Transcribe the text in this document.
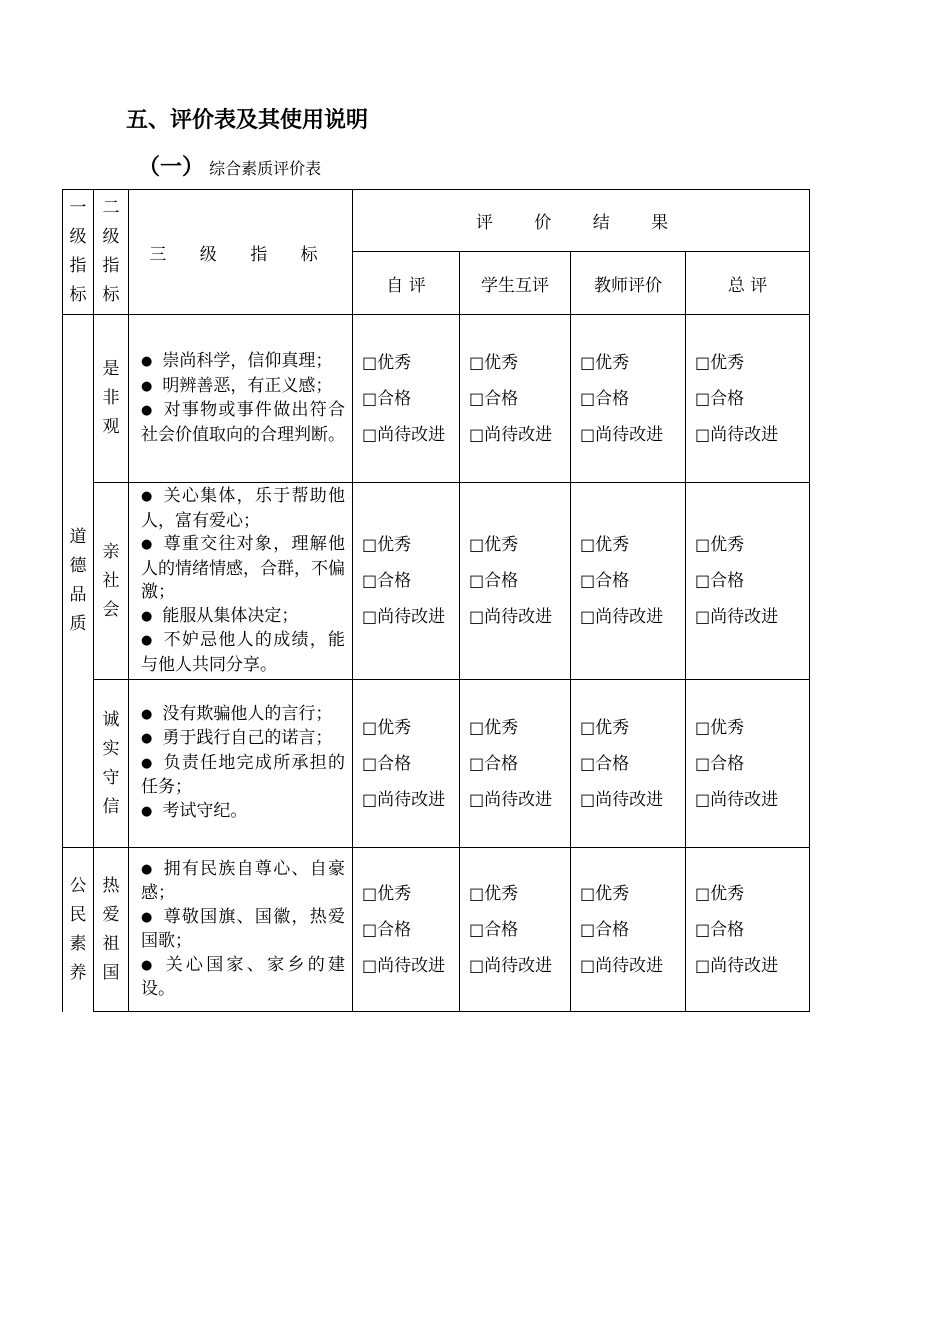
五、评价表及其使用说明
（一） 综合素质评价表
一
级
指
标	二
级
指
标	三 级 指 标	评 价 结 果			
			自 评	学生互评	教师评价	总 评

道
德
品
质	是
非
观	● 崇尚科学，信仰真理；
● 明辨善恶，有正义感；
● 对事物或事件做出符合社会价值取向的合理判断。	□优秀
□合格
□尚待改进	□优秀
□合格
□尚待改进	□优秀
□合格
□尚待改进	□优秀
□合格
□尚待改进

	亲
社
会	● 关心集体，乐于帮助他人，富有爱心；
● 尊重交往对象，理解他人的情绪情感，合群，不偏激；
● 能服从集体决定；
● 不妒忌他人的成绩，能与他人共同分享。	□优秀
□合格
□尚待改进	□优秀
□合格
□尚待改进	□优秀
□合格
□尚待改进	□优秀
□合格
□尚待改进

	诚
实
守
信	● 没有欺骗他人的言行；
● 勇于践行自己的诺言；
● 负责任地完成所承担的任务；
● 考试守纪。	□优秀
□合格
□尚待改进	□优秀
□合格
□尚待改进	□优秀
□合格
□尚待改进	□优秀
□合格
□尚待改进

公
民
素
养	热
爱
祖
国	● 拥有民族自尊心、自豪感；
● 尊敬国旗、国徽，热爱国歌；
● 关心国家、家乡的建设。	□优秀
□合格
□尚待改进	□优秀
□合格
□尚待改进	□优秀
□合格
□尚待改进	□优秀
□合格
□尚待改进
